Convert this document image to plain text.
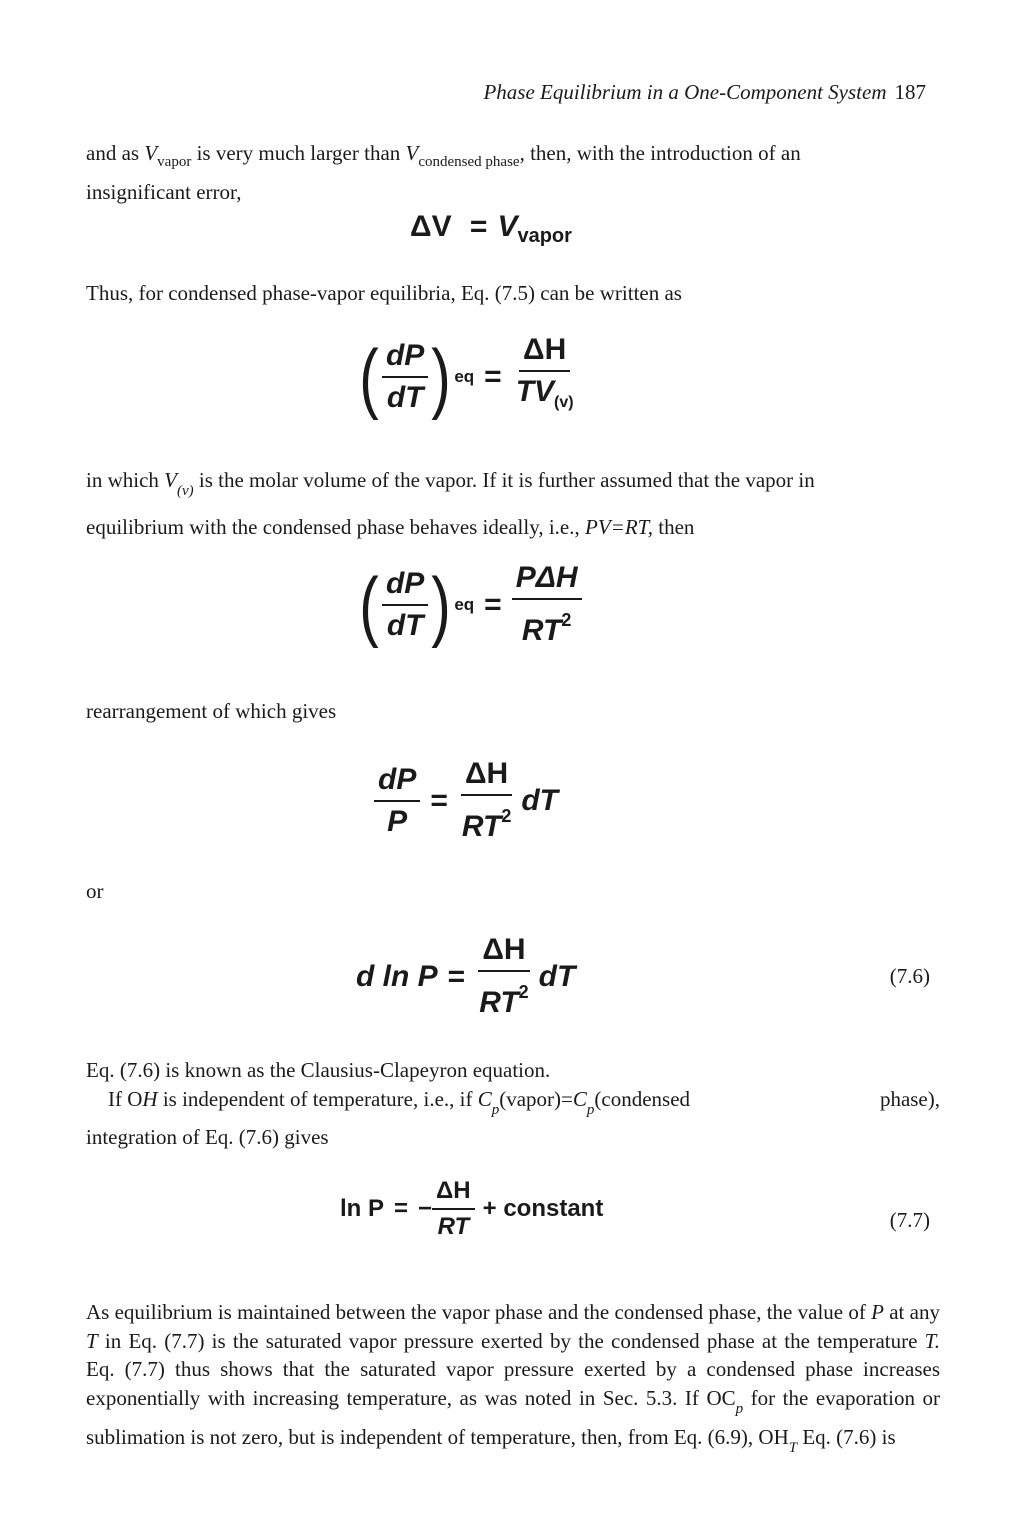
Phase Equilibrium in a One-Component System 187

and as $V_{vapor}$ is very much larger than $V_{condensed phase}$, then, with the introduction of an
insignificant error,

$\Delta V = V_{vapor}$

Thus, for condensed phase-vapor equilibria, Eq. (7.5) can be written as

( $\frac{dP}{dT}$ ) eq = $\frac{\Delta H}{TV_{(v)}}$

in which $V_{(v)}$ is the molar volume of the vapor. If it is further assumed that the vapor in
equilibrium with the condensed phase behaves ideally, i.e., PV=RT, then

( $\frac{dP}{dT}$ ) eq = $\frac{\text{PΔH}}{RT^2}$

rearrangement of which gives

$\frac{dP}{P} = \frac{\Delta H}{RT^2}$ dT

or

d $\ln P = \frac{\Delta H}{RT^2}$ dT	(7.6)

Eq. (7.6) is known as the Clausius-Clapeyron equation.

If OH is independent of temperature, i.e., if $C_p(vapor)=C_p(condensed$	phase),

integration of Eq. (7.6) gives

ln P = − $\frac{\Delta H}{RT}$ + constant	(7.7)

As equilibrium is maintained between the vapor phase and the condensed phase, the value of P at any T in Eq. (7.7) is the saturated vapor pressure exerted by the condensed phase at the temperature T. Eq. (7.7) thus shows that the saturated vapor pressure exerted by a condensed phase increases exponentially with increasing temperature, as was noted in Sec. 5.3. If $OC_p$ for the evaporation or sublimation is not zero, but is independent of temperature, then, from Eq. (6.9), $OH_T$ Eq. (7.6) is
